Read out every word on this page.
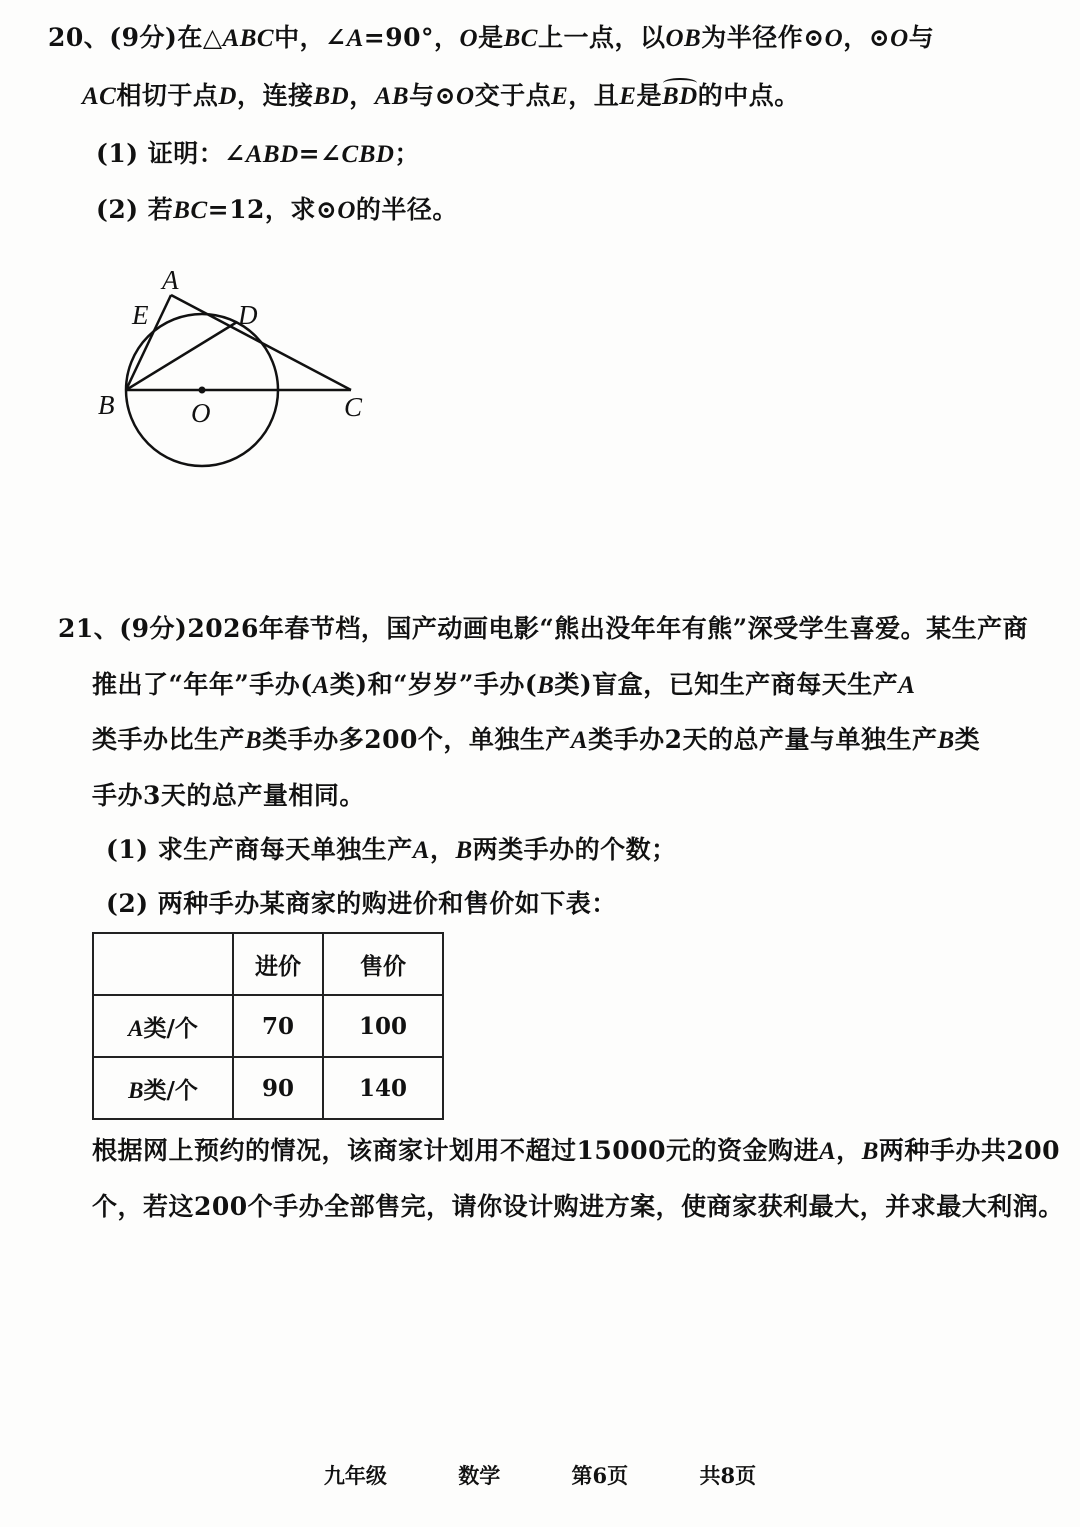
20、(9分)在△ABC中，∠A=90°，O是BC上一点，以OB为半径作⊙O，⊙O与
AC相切于点D，连接BD，AB与⊙O交于点E，且E是
BD的中点。
(1) 证明：∠ABD=∠CBD；
(2) 若BC=12，求⊙O的半径。
A
E	D
B	O	C
21、(9分)2026年春节档，国产动画电影“熊出没年年有熊”深受学生喜爱。某生产商
推出了“年年”手办(A类)和“岁岁”手办(B类)盲盒，已知生产商每天生产A
类手办比生产B类手办多200个，单独生产A类手办2天的总产量与单独生产B类
手办3天的总产量相同。
(1) 求生产商每天单独生产A，B两类手办的个数；
(2) 两种手办某商家的购进价和售价如下表：
	进价	售价
A类/个	70	100
B类/个	90	140
根据网上预约的情况，该商家计划用不超过15000元的资金购进A，B两种手办共200
个，若这200个手办全部售完，请你设计购进方案，使商家获利最大，并求最大利润。
九年级	数学	第6页	共8页
